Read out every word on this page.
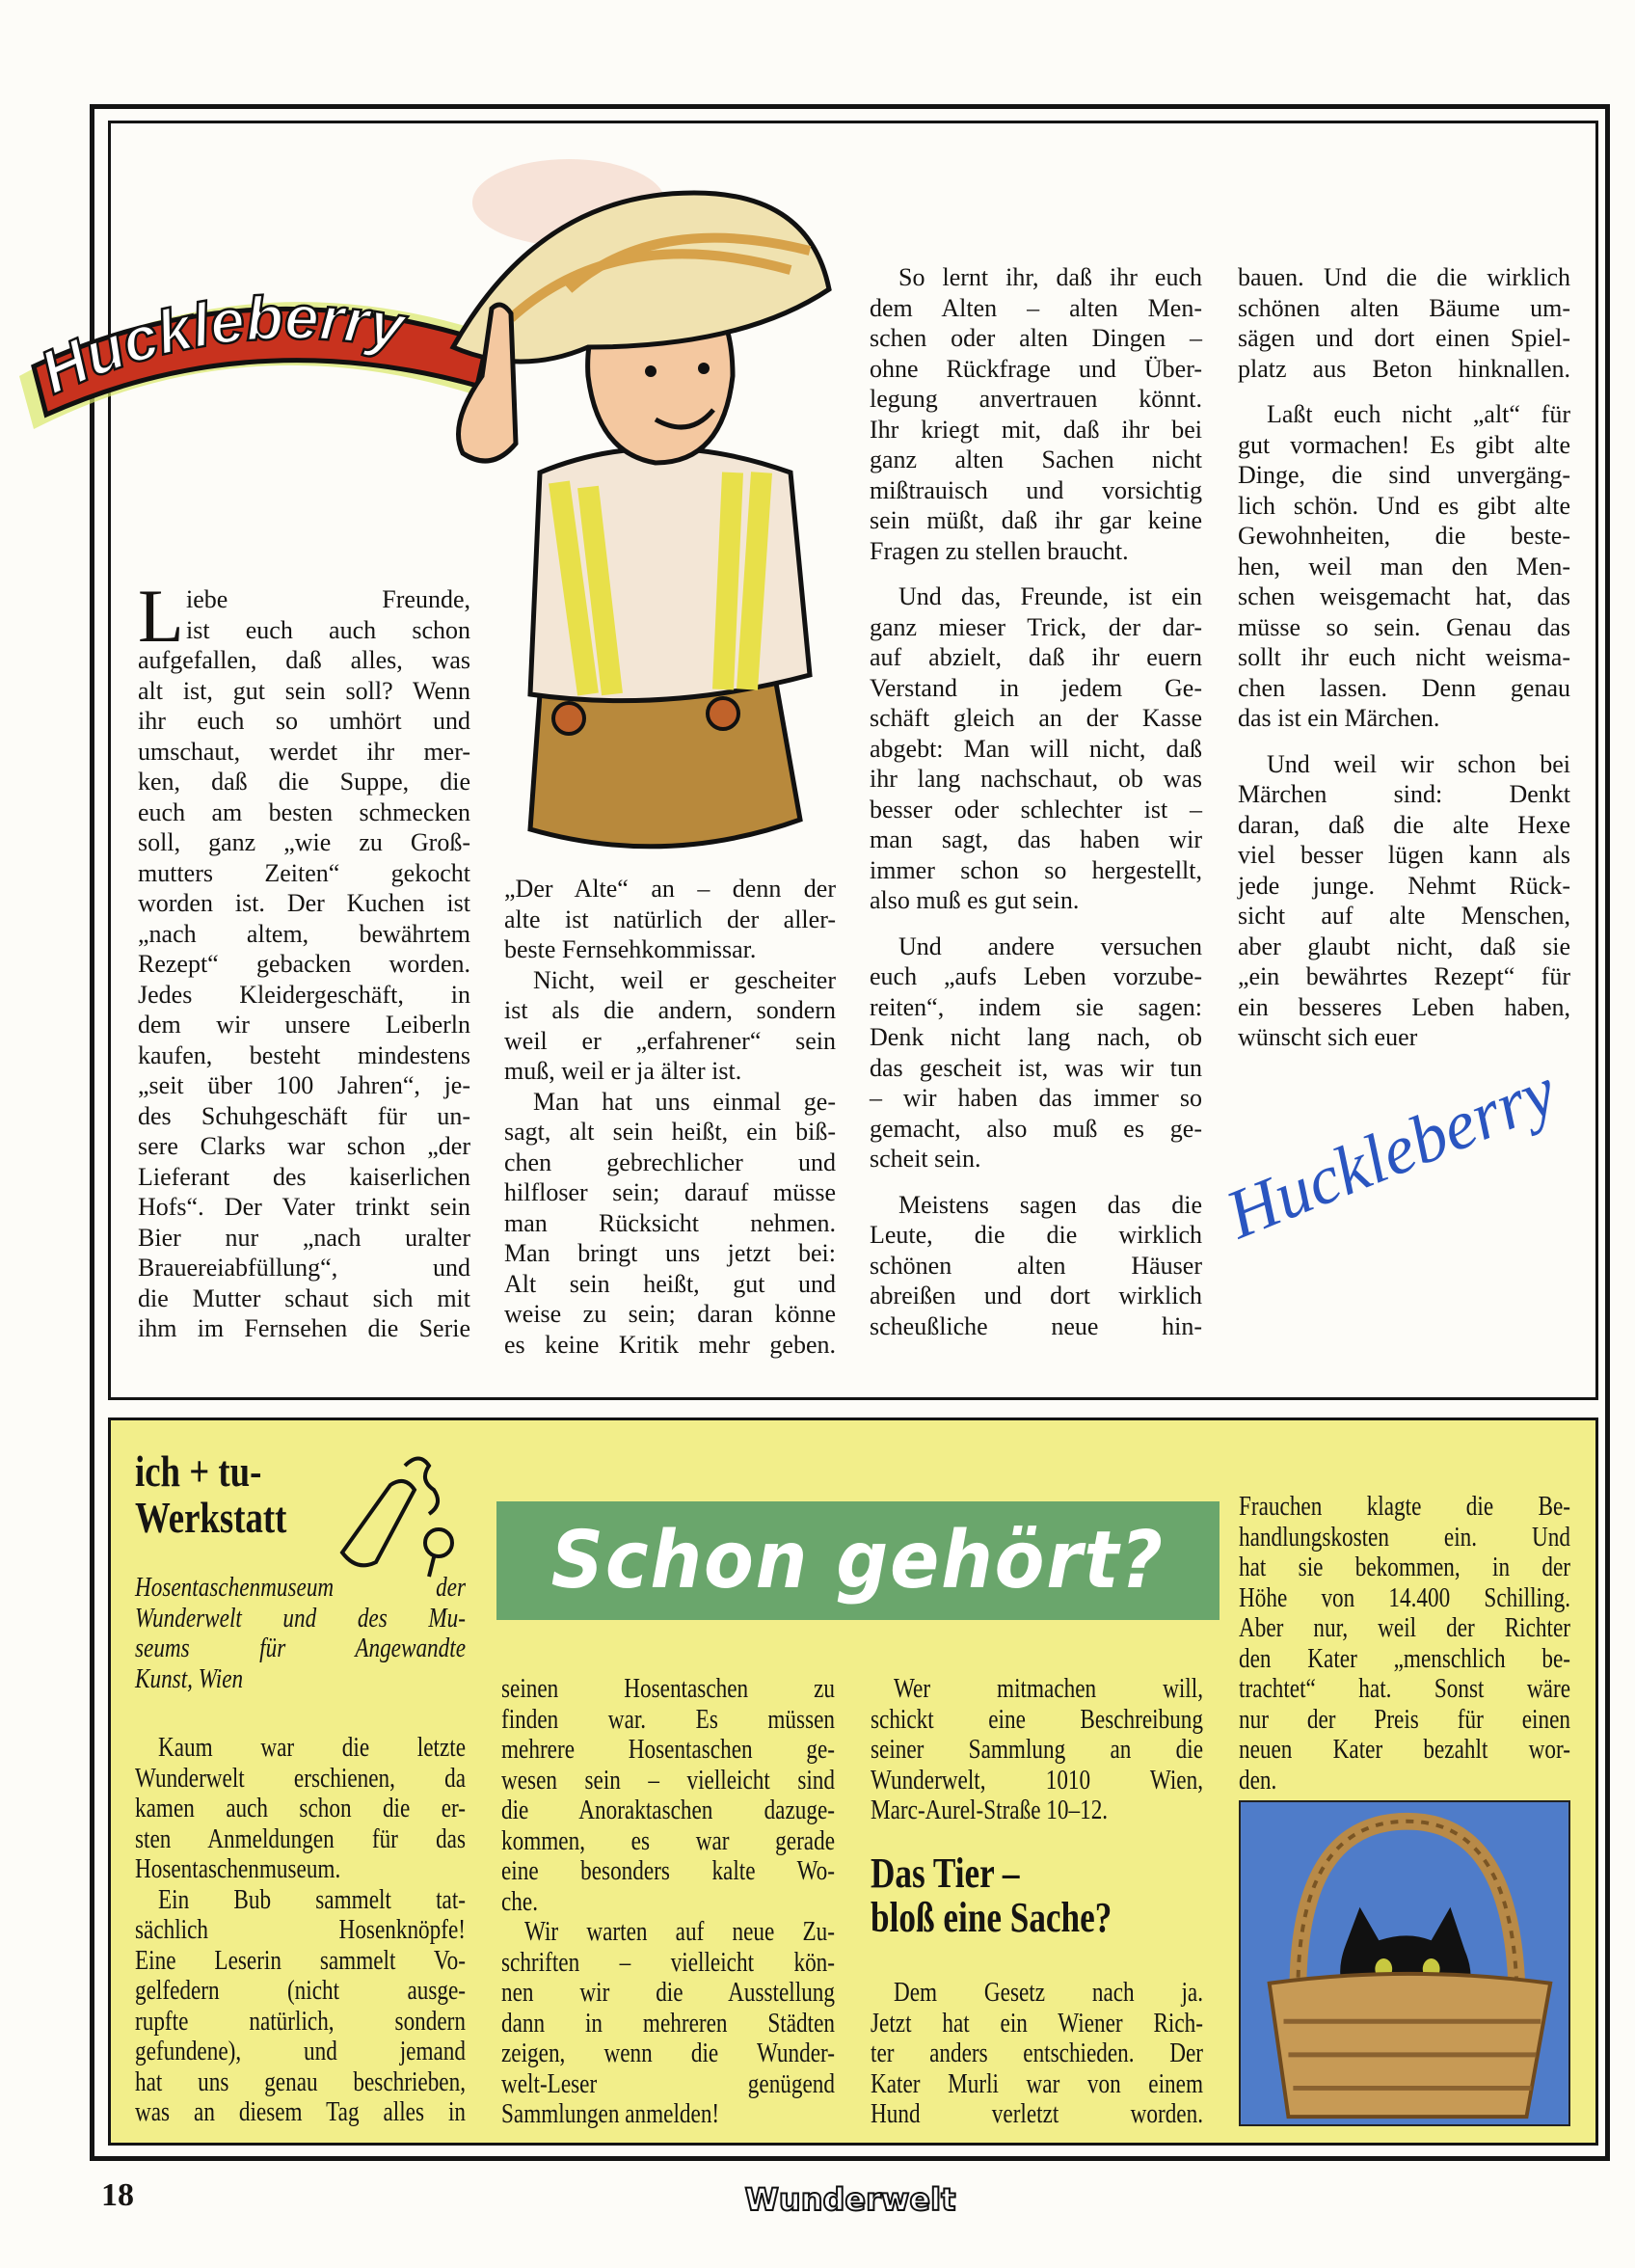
Huckleberry
L iebe Freunde,
ist euch auch schon
aufgefallen, daß alles, was
alt ist, gut sein soll? Wenn
ihr euch so umhört und
umschaut, werdet ihr mer-
ken, daß die Suppe, die
euch am besten schmecken
soll, ganz „wie zu Groß-
mutters Zeiten“ gekocht
worden ist. Der Kuchen ist
„nach altem, bewährtem
Rezept“ gebacken worden.
Jedes Kleidergeschäft, in
dem wir unsere Leiberln
kaufen, besteht mindestens
„seit über 100 Jahren“, je-
des Schuhgeschäft für un-
sere Clarks war schon „der
Lieferant des kaiserlichen
Hofs“. Der Vater trinkt sein
Bier nur „nach uralter
Brauereiabfüllung“, und
die Mutter schaut sich mit
ihm im Fernsehen die Serie
„Der Alte“ an – denn der
alte ist natürlich der aller-
beste Fernsehkommissar.
Nicht, weil er gescheiter
ist als die andern, sondern
weil er „erfahrener“ sein
muß, weil er ja älter ist.
Man hat uns einmal ge-
sagt, alt sein heißt, ein biß-
chen gebrechlicher und
hilfloser sein; darauf müsse
man Rücksicht nehmen.
Man bringt uns jetzt bei:
Alt sein heißt, gut und
weise zu sein; daran könne
es keine Kritik mehr geben.
So lernt ihr, daß ihr euch
dem Alten – alten Men-
schen oder alten Dingen –
ohne Rückfrage und Über-
legung anvertrauen könnt.
Ihr kriegt mit, daß ihr bei
ganz alten Sachen nicht
mißtrauisch und vorsichtig
sein müßt, daß ihr gar keine
Fragen zu stellen braucht.
Und das, Freunde, ist ein
ganz mieser Trick, der dar-
auf abzielt, daß ihr euern
Verstand in jedem Ge-
schäft gleich an der Kasse
abgebt: Man will nicht, daß
ihr lang nachschaut, ob was
besser oder schlechter ist –
man sagt, das haben wir
immer schon so hergestellt,
also muß es gut sein.
Und andere versuchen
euch „aufs Leben vorzube-
reiten“, indem sie sagen:
Denk nicht lang nach, ob
das gescheit ist, was wir tun
– wir haben das immer so
gemacht, also muß es ge-
scheit sein.
Meistens sagen das die
Leute, die die wirklich
schönen alten Häuser
abreißen und dort wirklich
scheußliche neue hin-
bauen. Und die die wirklich
schönen alten Bäume um-
sägen und dort einen Spiel-
platz aus Beton hinknallen.
Laßt euch nicht „alt“ für
gut vormachen! Es gibt alte
Dinge, die sind unvergäng-
lich schön. Und es gibt alte
Gewohnheiten, die beste-
hen, weil man den Men-
schen weisgemacht hat, das
müsse so sein. Genau das
sollt ihr euch nicht weisma-
chen lassen. Denn genau
das ist ein Märchen.
Und weil wir schon bei
Märchen sind: Denkt
daran, daß die alte Hexe
viel besser lügen kann als
jede junge. Nehmt Rück-
sicht auf alte Menschen,
aber glaubt nicht, daß sie
„ein bewährtes Rezept“ für
ein besseres Leben haben,
wünscht sich euer
Huckleberry
ich + tu-
Werkstatt
Hosentaschenmuseum der
Wunderwelt und des Mu-
seums für Angewandte
Kunst, Wien
Kaum war die letzte
Wunderwelt erschienen, da
kamen auch schon die er-
sten Anmeldungen für das
Hosentaschenmuseum.
Ein Bub sammelt tat-
sächlich Hosenknöpfe!
Eine Leserin sammelt Vo-
gelfedern (nicht ausge-
rupfte natürlich, sondern
gefundene), und jemand
hat uns genau beschrieben,
was an diesem Tag alles in
seinen Hosentaschen zu
finden war. Es müssen
mehrere Hosentaschen ge-
wesen sein – vielleicht sind
die Anoraktaschen dazuge-
kommen, es war gerade
eine besonders kalte Wo-
che.
Wir warten auf neue Zu-
schriften – vielleicht kön-
nen wir die Ausstellung
dann in mehreren Städten
zeigen, wenn die Wunder-
welt-Leser genügend
Sammlungen anmelden!
Wer mitmachen will,
schickt eine Beschreibung
seiner Sammlung an die
Wunderwelt, 1010 Wien,
Marc-Aurel-Straße 10–12.
Schon gehört?
Das Tier –
bloß eine Sache?
Dem Gesetz nach ja.
Jetzt hat ein Wiener Rich-
ter anders entschieden. Der
Kater Murli war von einem
Hund verletzt worden.
Frauchen klagte die Be-
handlungskosten ein. Und
hat sie bekommen, in der
Höhe von 14.400 Schilling.
Aber nur, weil der Richter
den Kater „menschlich be-
trachtet“ hat. Sonst wäre
nur der Preis für einen
neuen Kater bezahlt wor-
den.
18	Wunderwelt
